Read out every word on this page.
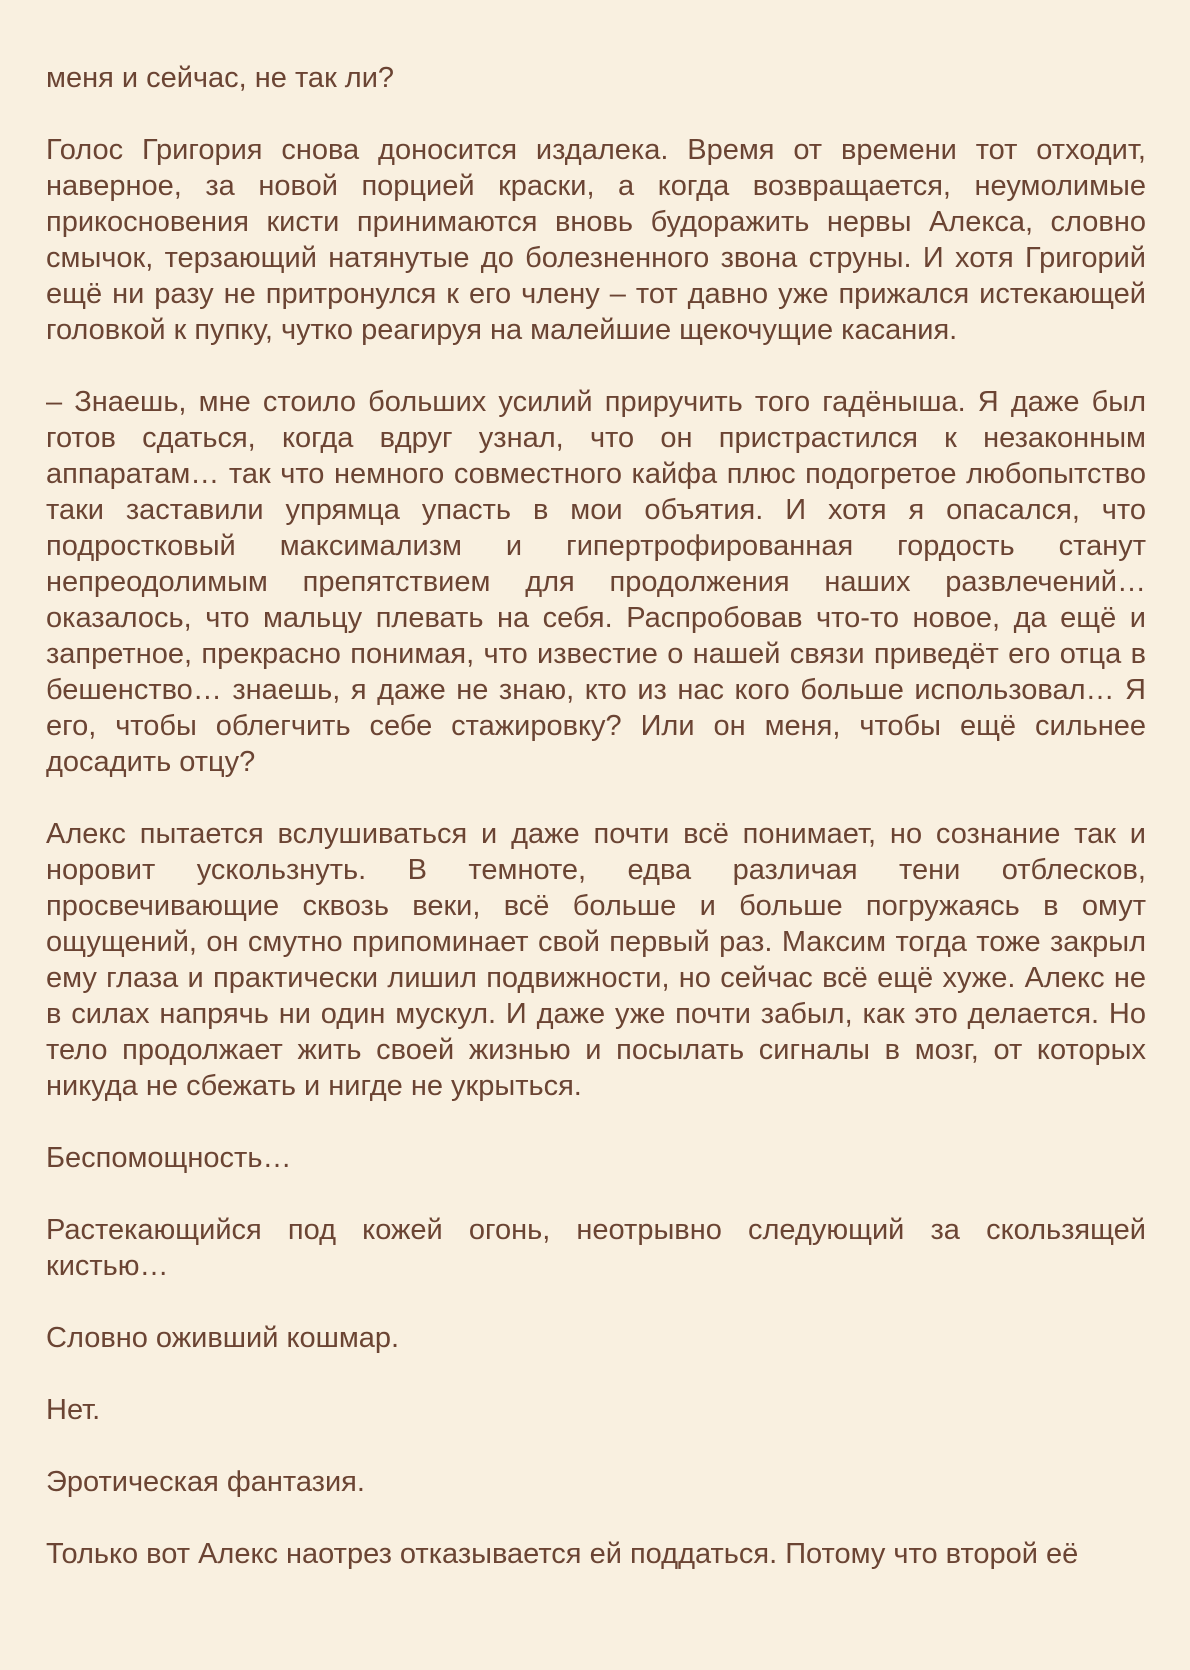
меня и сейчас, не так ли?

Голос Григория снова доносится издалека. Время от времени тот отходит, наверное, за новой порцией краски, а когда возвращается, неумолимые прикосновения кисти принимаются вновь будоражить нервы Алекса, словно смычок, терзающий натянутые до болезненного звона струны. И хотя Григорий ещё ни разу не притронулся к его члену – тот давно уже прижался истекающей головкой к пупку, чутко реагируя на малейшие щекочущие касания.

– Знаешь, мне стоило больших усилий приручить того гадёныша. Я даже был готов сдаться, когда вдруг узнал, что он пристрастился к незаконным аппаратам… так что немного совместного кайфа плюс подогретое любопытство таки заставили упрямца упасть в мои объятия. И хотя я опасался, что подростковый максимализм и гипертрофированная гордость станут непреодолимым препятствием для продолжения наших развлечений… оказалось, что мальцу плевать на себя. Распробовав что-то новое, да ещё и запретное, прекрасно понимая, что известие о нашей связи приведёт его отца в бешенство… знаешь, я даже не знаю, кто из нас кого больше использовал… Я его, чтобы облегчить себе стажировку? Или он меня, чтобы ещё сильнее досадить отцу?

Алекс пытается вслушиваться и даже почти всё понимает, но сознание так и норовит ускользнуть. В темноте, едва различая тени отблесков, просвечивающие сквозь веки, всё больше и больше погружаясь в омут ощущений, он смутно припоминает свой первый раз. Максим тогда тоже закрыл ему глаза и практически лишил подвижности, но сейчас всё ещё хуже. Алекс не в силах напрячь ни один мускул. И даже уже почти забыл, как это делается. Но тело продолжает жить своей жизнью и посылать сигналы в мозг, от которых никуда не сбежать и нигде не укрыться.

Беспомощность…

Растекающийся под кожей огонь, неотрывно следующий за скользящей кистью…

Словно оживший кошмар.

Нет.

Эротическая фантазия.

Только вот Алекс наотрез отказывается ей поддаться. Потому что второй её
